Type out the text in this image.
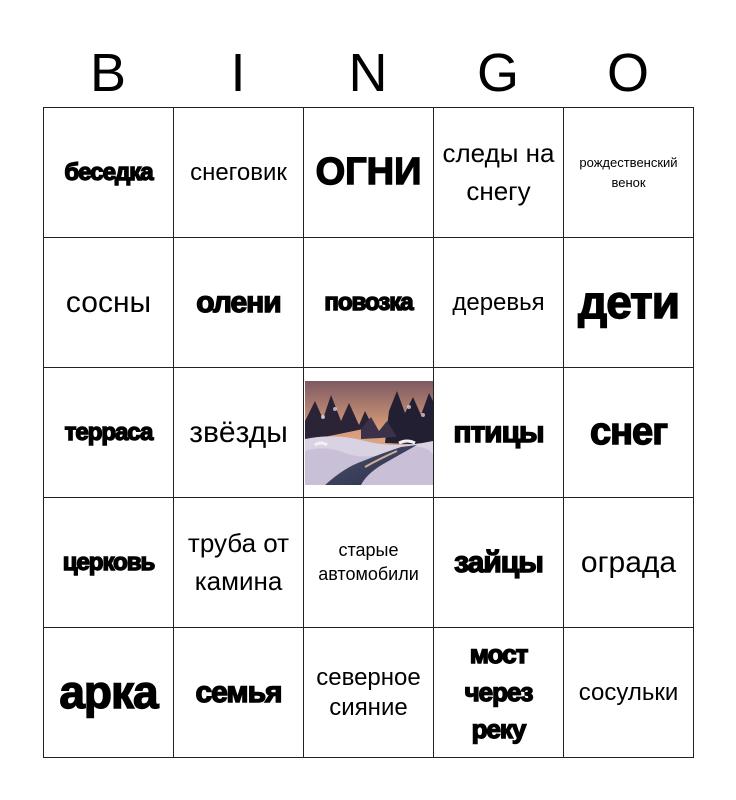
B	I	N	G	O
беседка	снеговик	ОГНИ	следы на снегу	рождественский венок
сосны	олени	повозка	деревья	дети
терраса	звёзды		птицы	снег
церковь	труба от камина	старые автомобили	зайцы	ограда
арка	семья	северное сияние	мост через реку	сосульки
